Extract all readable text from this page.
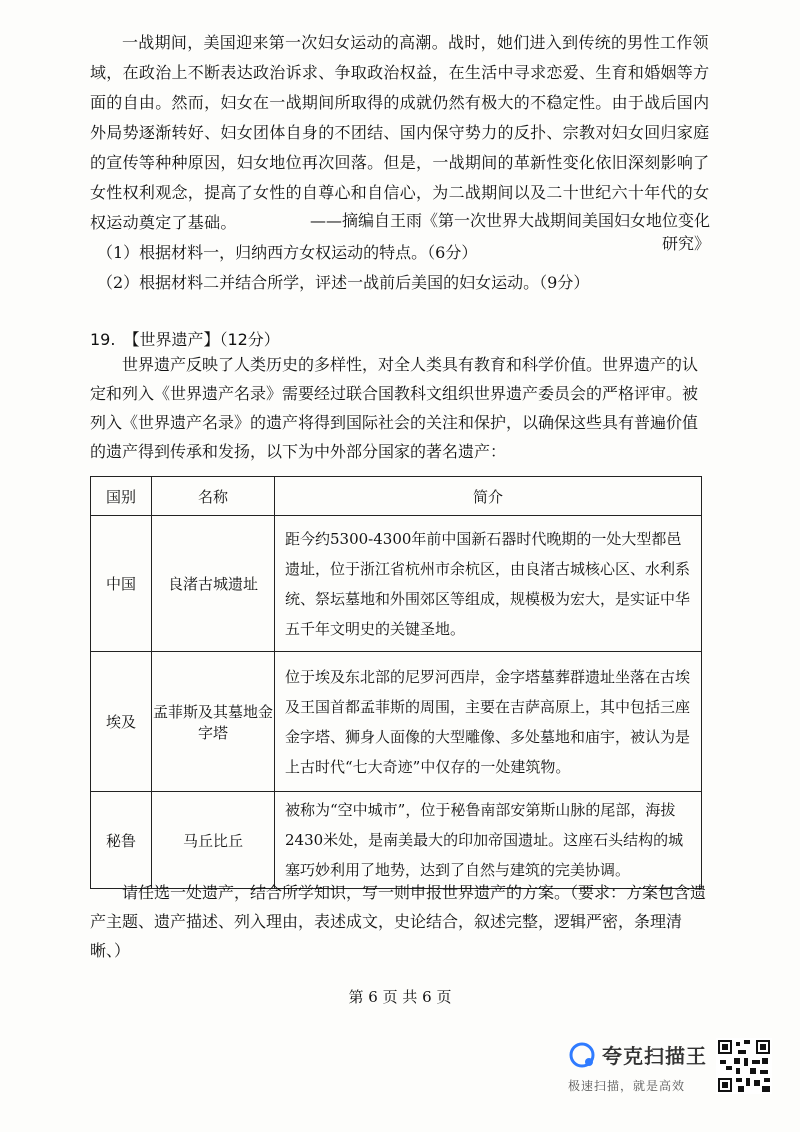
一战期间，美国迎来第一次妇女运动的高潮。战时，她们进入到传统的男性工作领域，在政治上不断表达政治诉求、争取政治权益，在生活中寻求恋爱、生育和婚姻等方面的自由。然而，妇女在一战期间所取得的成就仍然有极大的不稳定性。由于战后国内外局势逐渐转好、妇女团体自身的不团结、国内保守势力的反扑、宗教对妇女回归家庭的宣传等种种原因，妇女地位再次回落。但是，一战期间的革新性变化依旧深刻影响了女性权利观念，提高了女性的自尊心和自信心，为二战期间以及二十世纪六十年代的女权运动奠定了基础。	——摘编自王雨《第一次世界大战期间美国妇女地位变化研究》

（1）根据材料一，归纳西方女权运动的特点。（6分）

（2）根据材料二并结合所学，评述一战前后美国的妇女运动。（9分）

19.　【世界遗产】（12分）

世界遗产反映了人类历史的多样性，对全人类具有教育和科学价值。世界遗产的认定和列入《世界遗产名录》需要经过联合国教科文组织世界遗产委员会的严格评审。被列入《世界遗产名录》的遗产将得到国际社会的关注和保护，以确保这些具有普遍价值的遗产得到传承和发扬，以下为中外部分国家的著名遗产：

国别	名称	简介
中国	良渚古城遗址	距今约5300-4300年前中国新石器时代晚期的一处大型都邑遗址，位于浙江省杭州市余杭区，由良渚古城核心区、水利系统、祭坛墓地和外围郊区等组成，规模极为宏大，是实证中华五千年文明史的关键圣地。
埃及	孟菲斯及其墓地金字塔	位于埃及东北部的尼罗河西岸，金字塔墓葬群遗址坐落在古埃及王国首都孟菲斯的周围，主要在吉萨高原上，其中包括三座金字塔、狮身人面像的大型雕像、多处墓地和庙宇，被认为是上古时代“七大奇迹”中仅存的一处建筑物。
秘鲁	马丘比丘	被称为“空中城市”，位于秘鲁南部安第斯山脉的尾部，海拔2430米处，是南美最大的印加帝国遗址。这座石头结构的城塞巧妙利用了地势，达到了自然与建筑的完美协调。

请任选一处遗产，结合所学知识，写一则申报世界遗产的方案。（要求：方案包含遗产主题、遗产描述、列入理由，表述成文，史论结合，叙述完整，逻辑严密，条理清晰、）

第 6 页 共 6 页

夸克扫描王
极速扫描，就是高效
